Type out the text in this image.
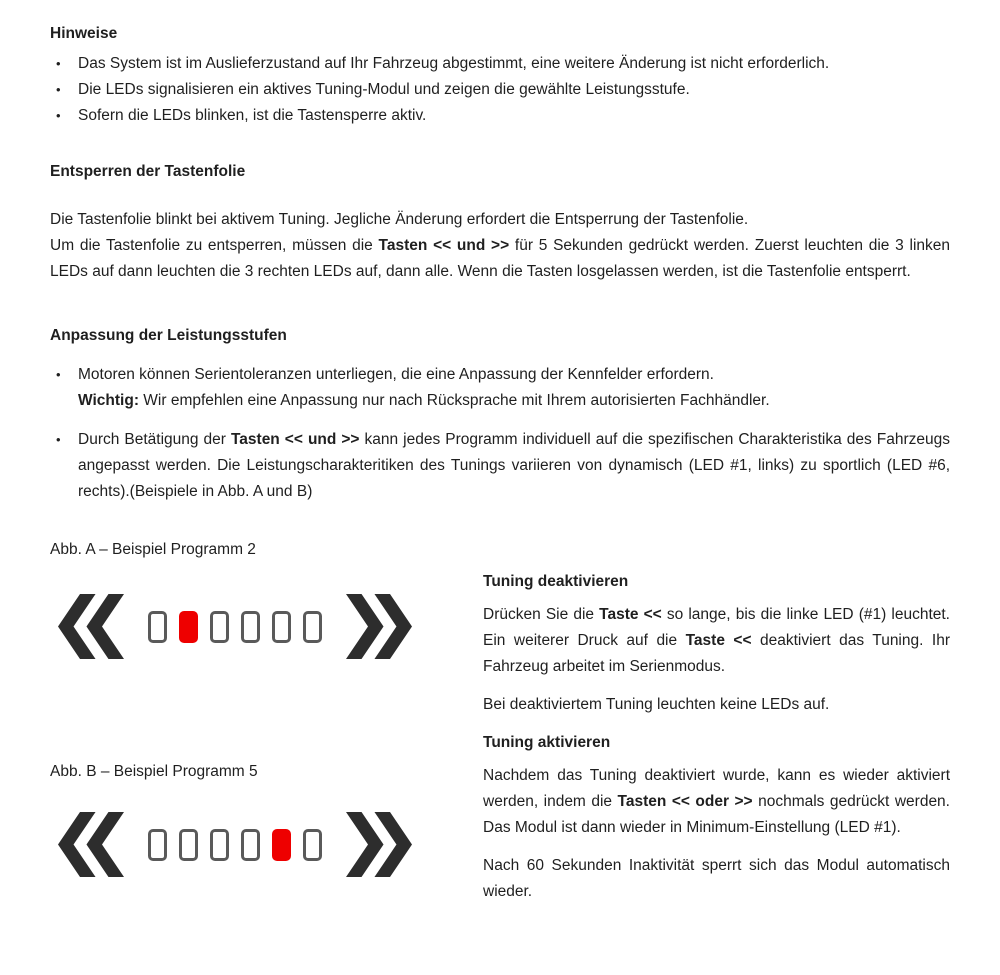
Hinweise
•	Das System ist im Auslieferzustand auf Ihr Fahrzeug abgestimmt, eine weitere Änderung ist nicht erforderlich.
•	Die LEDs signalisieren ein aktives Tuning-Modul und zeigen die gewählte Leistungsstufe.
•	Sofern die LEDs blinken, ist die Tastensperre aktiv.
Entsperren der Tastenfolie

Die Tastenfolie blinkt bei aktivem Tuning. Jegliche Änderung erfordert die Entsperrung der Tastenfolie.

Um die Tastenfolie zu entsperren, müssen die Tasten << und >> für 5 Sekunden gedrückt werden. Zuerst leuchten die 3 linken LEDs auf dann leuchten die 3 rechten LEDs auf, dann alle. Wenn die Tasten losgelassen werden, ist die Tastenfolie entsperrt.

Anpassung der Leistungsstufen
•	Motoren können Serientoleranzen unterliegen, die eine Anpassung der Kennfelder erfordern.
Wichtig: Wir empfehlen eine Anpassung nur nach Rücksprache mit Ihrem autorisierten Fachhändler.
•	Durch Betätigung der Tasten << und >> kann jedes Programm individuell auf die spezifischen Charakteristika des Fahrzeugs angepasst werden. Die Leistungscharakteritiken des Tunings variieren von dynamisch (LED #1, links) zu sportlich (LED #6, rechts).(Beispiele in Abb. A und B)

Abb. A – Beispiel Programm 2

Abb. B – Beispiel Programm 5

Tuning deaktivieren

Drücken Sie die Taste << so lange, bis die linke LED (#1) leuchtet. Ein weiterer Druck auf die Taste << deaktiviert das Tuning. Ihr Fahrzeug arbeitet im Serienmodus.

Bei deaktiviertem Tuning leuchten keine LEDs auf.

Tuning aktivieren

Nachdem das Tuning deaktiviert wurde, kann es wieder aktiviert werden, indem die Tasten << oder >> nochmals gedrückt werden. Das Modul ist dann wieder in Minimum-Einstellung (LED #1).

Nach 60 Sekunden Inaktivität sperrt sich das Modul automatisch wieder.
